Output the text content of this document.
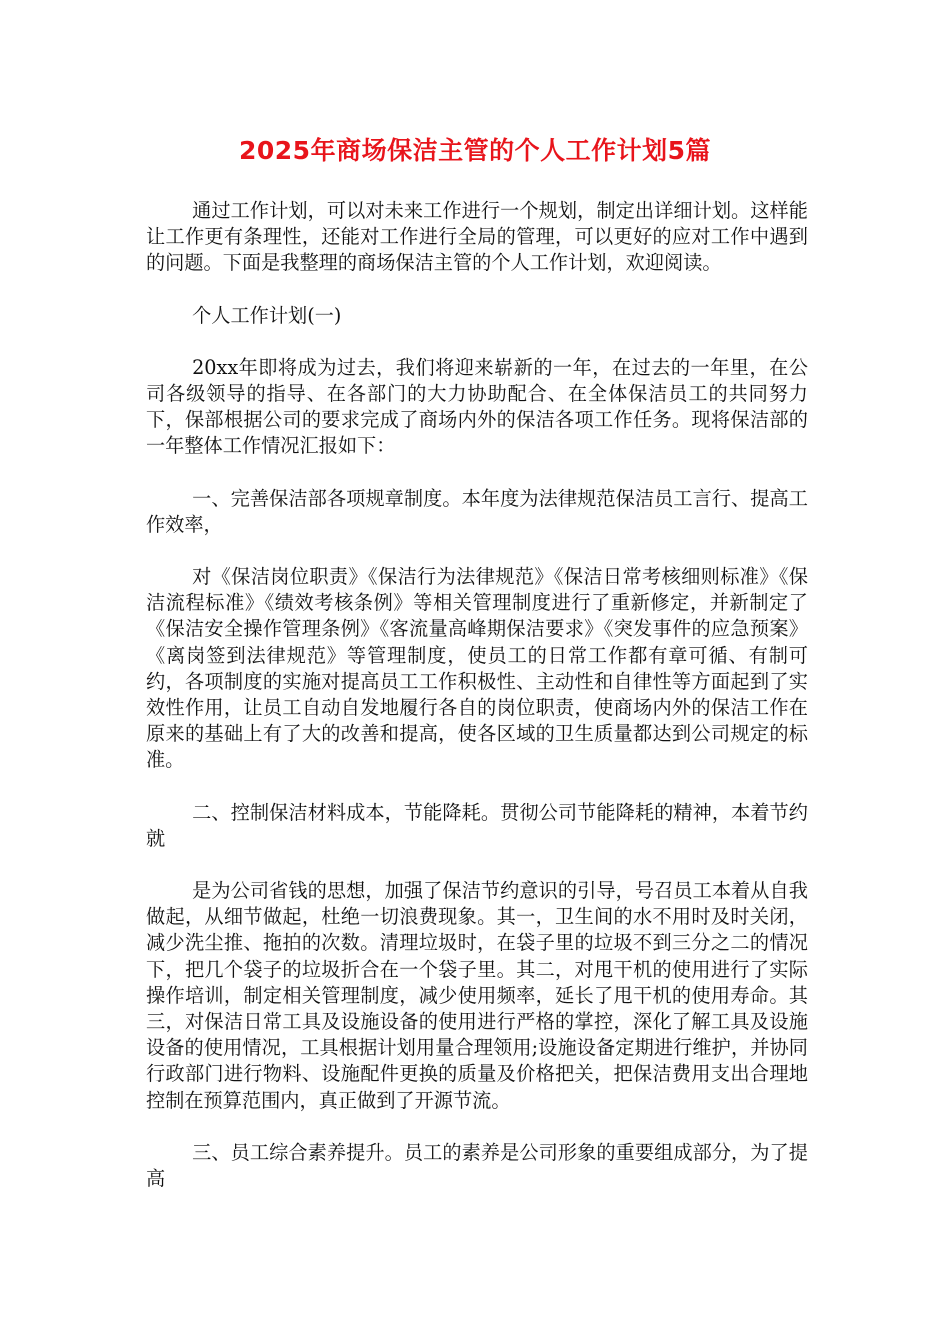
2025年商场保洁主管的个人工作计划5篇

通过工作计划，可以对未来工作进行一个规划，制定出详细计划。这样能让工作更有条理性，还能对工作进行全局的管理，可以更好的应对工作中遇到的问题。下面是我整理的商场保洁主管的个人工作计划，欢迎阅读。

个人工作计划(一)

20xx年即将成为过去，我们将迎来崭新的一年，在过去的一年里，在公司各级领导的指导、在各部门的大力协助配合、在全体保洁员工的共同努力下，保部根据公司的要求完成了商场内外的保洁各项工作任务。现将保洁部的一年整体工作情况汇报如下：

一、完善保洁部各项规章制度。本年度为法律规范保洁员工言行、提高工作效率，

对《保洁岗位职责》《保洁行为法律规范》《保洁日常考核细则标准》《保洁流程标准》《绩效考核条例》等相关管理制度进行了重新修定，并新制定了《保洁安全操作管理条例》《客流量高峰期保洁要求》《突发事件的应急预案》《离岗签到法律规范》等管理制度，使员工的日常工作都有章可循、有制可约，各项制度的实施对提高员工工作积极性、主动性和自律性等方面起到了实效性作用，让员工自动自发地履行各自的岗位职责，使商场内外的保洁工作在原来的基础上有了大的改善和提高，使各区域的卫生质量都达到公司规定的标准。

二、控制保洁材料成本，节能降耗。贯彻公司节能降耗的精神，本着节约就

是为公司省钱的思想，加强了保洁节约意识的引导，号召员工本着从自我做起，从细节做起，杜绝一切浪费现象。其一，卫生间的水不用时及时关闭，减少洗尘推、拖拍的次数。清理垃圾时，在袋子里的垃圾不到三分之二的情况下，把几个袋子的垃圾折合在一个袋子里。其二，对甩干机的使用进行了实际操作培训，制定相关管理制度，减少使用频率，延长了甩干机的使用寿命。其三，对保洁日常工具及设施设备的使用进行严格的掌控，深化了解工具及设施设备的使用情况，工具根据计划用量合理领用;设施设备定期进行维护，并协同行政部门进行物料、设施配件更换的质量及价格把关，把保洁费用支出合理地控制在预算范围内，真正做到了开源节流。

三、员工综合素养提升。员工的素养是公司形象的重要组成部分，为了提高
